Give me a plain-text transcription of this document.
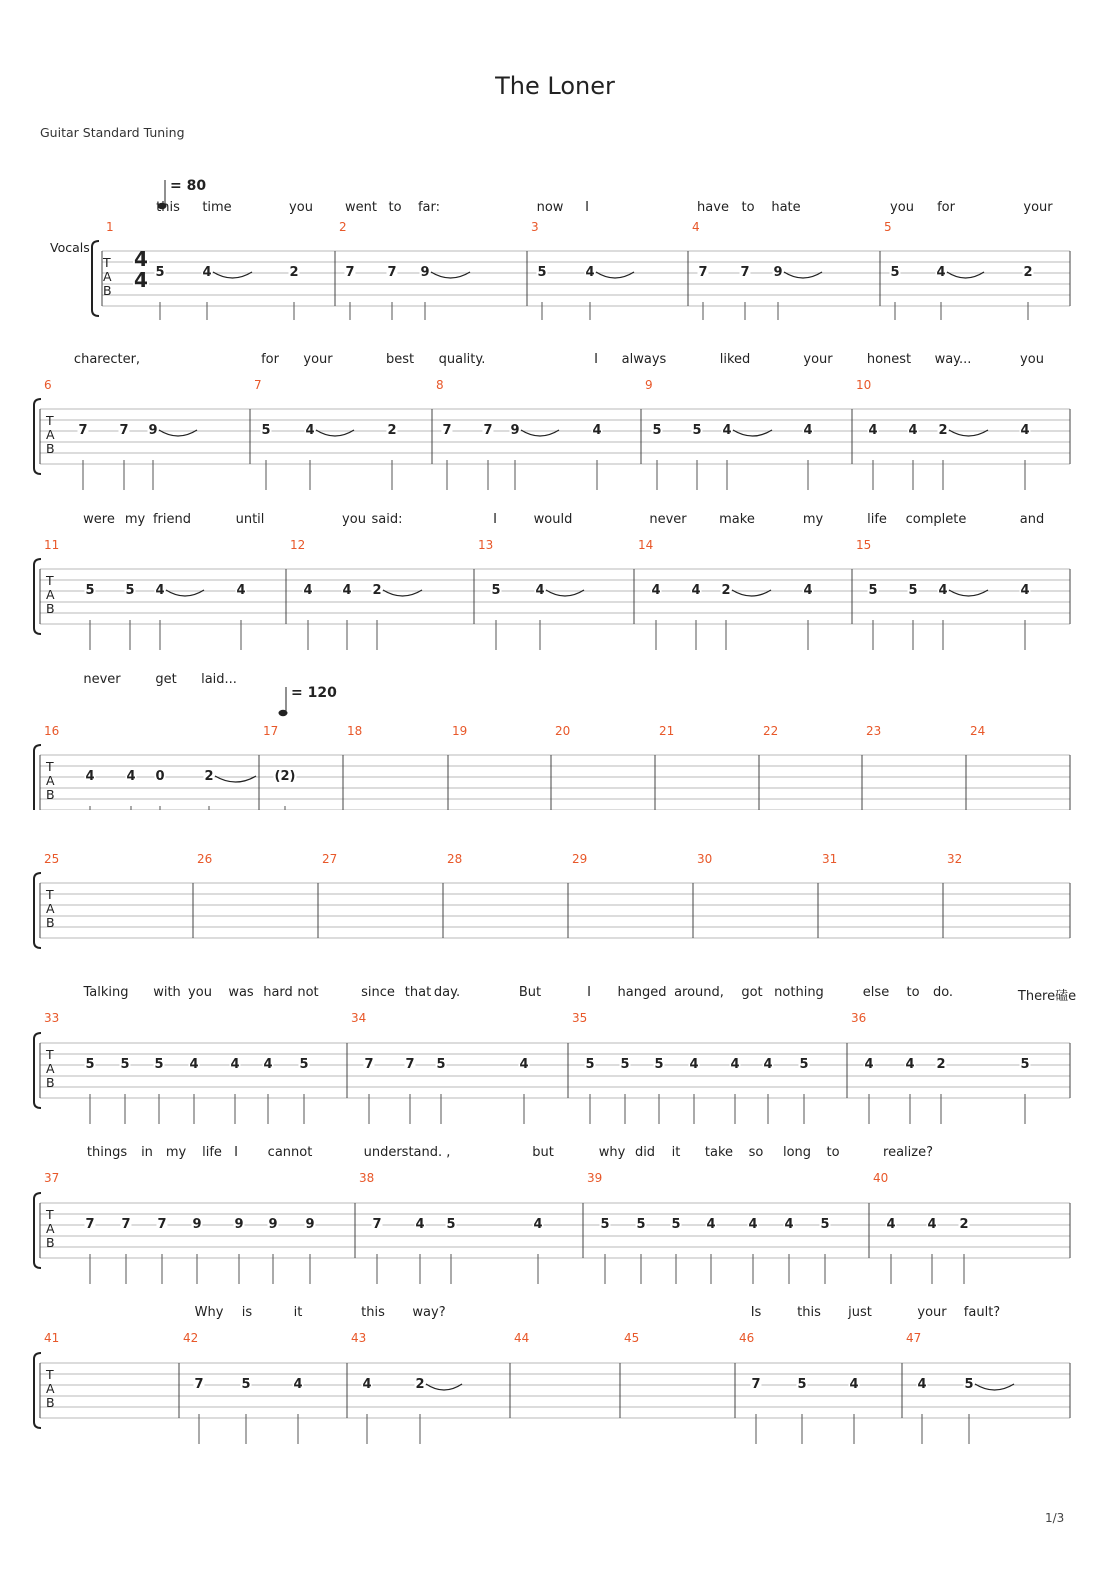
The Loner
Guitar Standard Tuning
1/3
T
A
B
4
4
Vocals
1
5	4	2
2
7	7 9
3
5	4
4
7	7 9
5
5	4	2
this time	you went to far:	now I	have to hate	you for	your
= 80
T
A
B
6
7 7 9
7
5	4	2
8
7 7 9	4
9
5 5 4	4
10
4 4 2	4
charecter,	for your	best quality.	I always	liked	your	honest way...	you
T
A
B
11
5 5 4	4
12
4 4 2
13
5	4
14
4 4 2	4
15
5 5 4	4
were my friend	until	you said:	I	would	never	make	my	life complete	and
T
A
B
16
4 4 0	2
17
(2)
18	19	20	21	22	23	24
never	get laid...
= 120
T
A
B
25	26	27	28	29	30	31	32
T
A
B
33
5 5 5 4 4 4 5
34
7 7 5	4
35
5 5 5 4 4 4 5
36
4 4 2	5
Talking with you was hard not	since that day.	But	I hanged around, got nothing	else to do.	There磕e
T
A
B
37
7 7 7 9	9 9 9
38
7	4 5	4
39
5 5 5 4	4 4 5
40
4 4 2
things in my life I cannot	understand. ,	but	why did it take so long to	realize?
T
A
B
41	42
7	5	4
43
4	2
44	45	46
7	5	4
47
4	5
Why is	it	this way?	Is	this just	your fault?
